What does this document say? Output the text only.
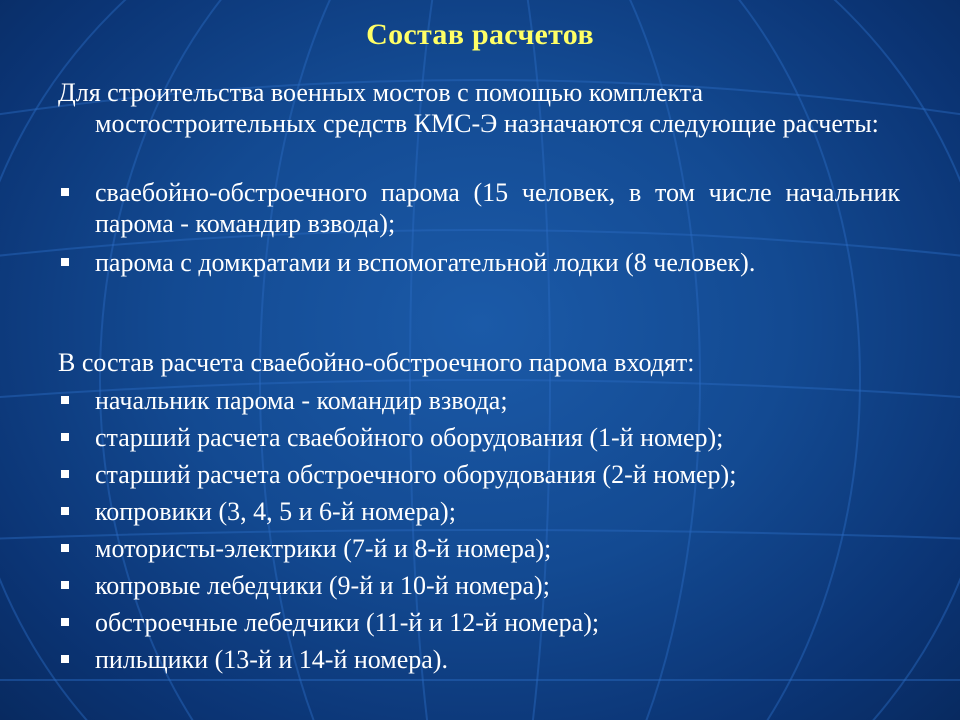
Состав расчетов
Для строительства военных мостов с помощью комплекта
мостостроительных средств КМС-Э назначаются следующие расчеты:
свaебойно-обстроечного парома (15 человек, в том числе начальник парома - командир взвода);
парома с домкратами и вспомогательной лодки (8 человек).
В состав расчета сваебойно-обстроечного парома входят:
начальник парома - командир взвода;
старший расчета сваебойного оборудования (1-й номер);
старший расчета обстроечного оборудования (2-й номер);
копровики (3, 4, 5 и 6-й номера);
мотористы-электрики (7-й и 8-й номера);
копровые лебедчики (9-й и 10-й номера);
обстроечные лебедчики (11-й и 12-й номера);
пильщики (13-й и 14-й номера).
